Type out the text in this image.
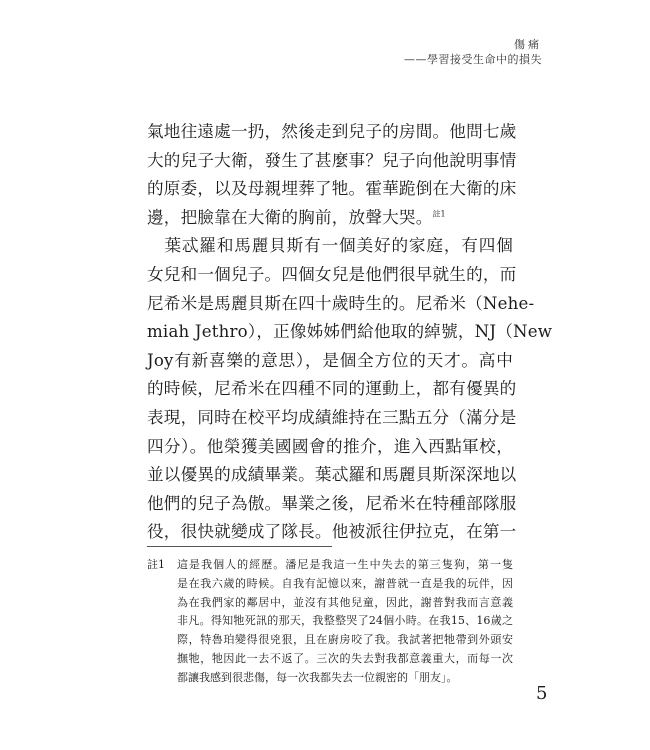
傷痛
——學習接受生命中的損失
氣地往遠處一扔，然後走到兒子的房間。他問七歲
大的兒子大衛，發生了甚麼事？兒子向他說明事情
的原委，以及母親埋葬了牠。霍華跪倒在大衛的床
邊，把臉靠在大衛的胸前，放聲大哭。$^{註1}$
　葉忒羅和馬麗貝斯有一個美好的家庭，有四個
女兒和一個兒子。四個女兒是他們很早就生的，而
尼希米是馬麗貝斯在四十歲時生的。尼希米（Nehe-
miah Jethro），正像姊姊們給他取的綽號，NJ（New
Joy有新喜樂的意思），是個全方位的天才。高中
的時候，尼希米在四種不同的運動上，都有優異的
表現，同時在校平均成績維持在三點五分（滿分是
四分）。他榮獲美國國會的推介，進入西點軍校，
並以優異的成績畢業。葉忒羅和馬麗貝斯深深地以
他們的兒子為傲。畢業之後，尼希米在特種部隊服
役，很快就變成了隊長。他被派往伊拉克，在第一
註1 這是我個人的經歷。潘尼是我這一生中失去的第三隻狗，第一隻
是在我六歲的時候。自我有記憶以來，謝普就一直是我的玩伴，因
為在我們家的鄰居中，並沒有其他兒童，因此，謝普對我而言意義
非凡。得知牠死訊的那天，我整整哭了24個小時。在我15、16歲之
際，特魯珀變得很兇狠，且在廚房咬了我。我試著把牠帶到外頭安
撫牠，牠因此一去不返了。三次的失去對我都意義重大，而每一次
都讓我感到很悲傷，每一次我都失去一位親密的「朋友」。
5
